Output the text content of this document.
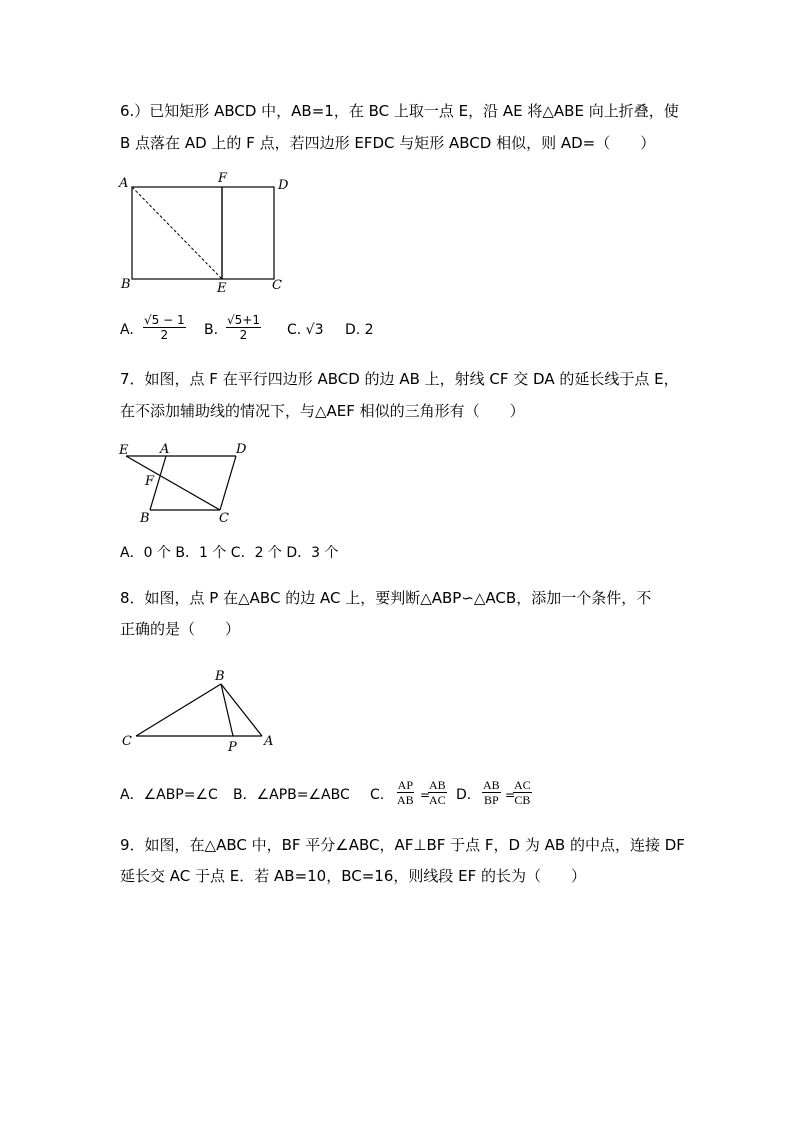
6.）已知矩形 ABCD 中，AB=1，在 BC 上取一点 E，沿 AE 将△ABE 向上折叠，使
B 点落在 AD 上的 F 点，若四边形 EFDC 与矩形 ABCD 相似，则 AD=（　　）
A	F	D
B	E	C
A. $\frac{√5 - 1}{2} B$. $\frac{√5+1}{2} C$. √3 D. 2
7．如图，点 F 在平行四边形 ABCD 的边 AB 上，射线 CF 交 DA 的延长线于点 E，
在不添加辅助线的情况下，与△AEF 相似的三角形有（　　）
E A	D
F
B	C
A．0 个 B．1 个 C．2 个 D．3 个
8．如图，点 P 在△ABC 的边 AC 上，要判断△ABP∽△ACB，添加一个条件，不
正确的是（　　）
B
C	P A
A．∠ABP=∠C B．∠APB=∠ABC C. $\frac{AP}{AB}$ =
$\frac{AB}{AC} D$. $\frac{AB}{BP}$ =
$\frac{AC}{CB}$
9．如图，在△ABC 中，BF 平分∠ABC，AF⊥BF 于点 F，D 为 AB 的中点，连接 DF
延长交 AC 于点 E．若 AB=10，BC=16，则线段 EF 的长为（　　）
